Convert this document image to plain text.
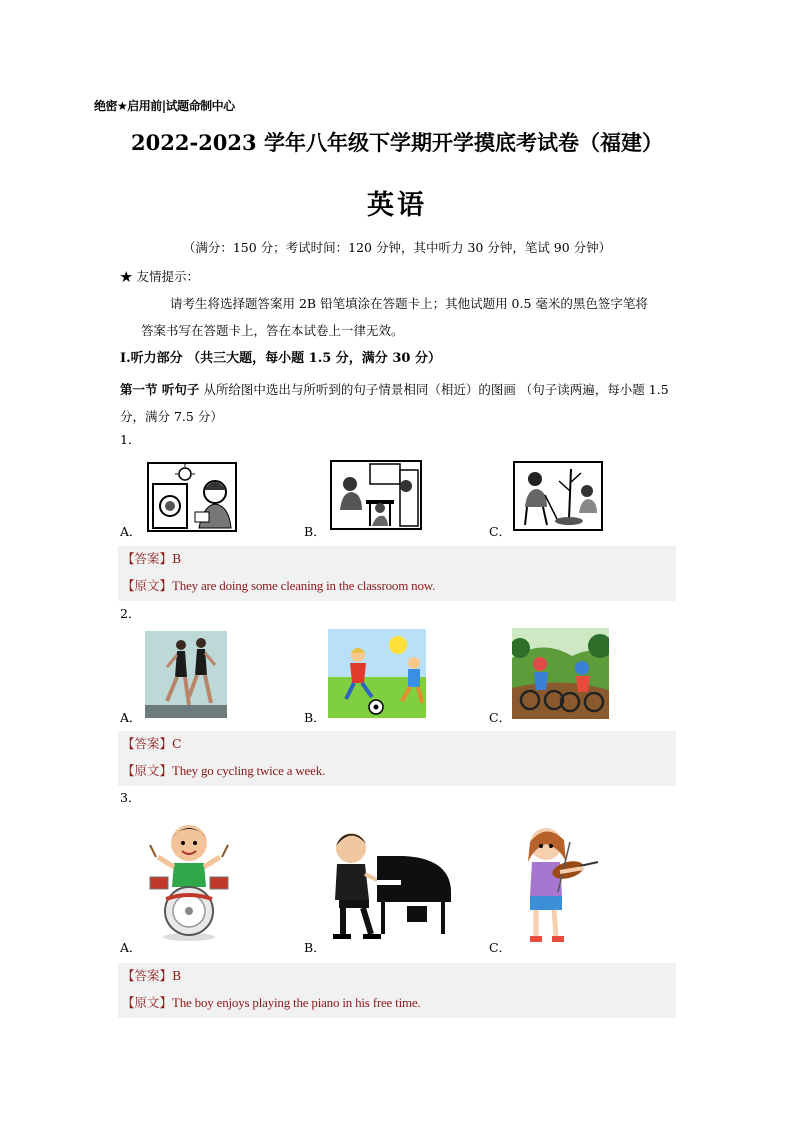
绝密★启用前|试题命制中心
2022-2023 学年八年级下学期开学摸底考试卷（福建）
英语
（满分：150 分；考试时间：120 分钟，其中听力 30 分钟，笔试 90 分钟）
★ 友情提示：
请考生将选择题答案用 2B 铅笔填涂在答题卡上；其他试题用 0.5 毫米的黑色签字笔将
答案书写在答题卡上，答在本试卷上一律无效。
I.听力部分 （共三大题，每小题 1.5 分，满分 30 分）
第一节 听句子 从所给图中选出与所听到的句子情景相同（相近）的图画 （句子读两遍，每小题 1.5 分，满分 7.5 分）
1．
A．	B．	C．
【答案】B
【原文】They are doing some cleaning in the classroom now.
2．
A．	B．	C．
【答案】C
【原文】They go cycling twice a week.
3．
A．	B．	C．
【答案】B
【原文】The boy enjoys playing the piano in his free time.
